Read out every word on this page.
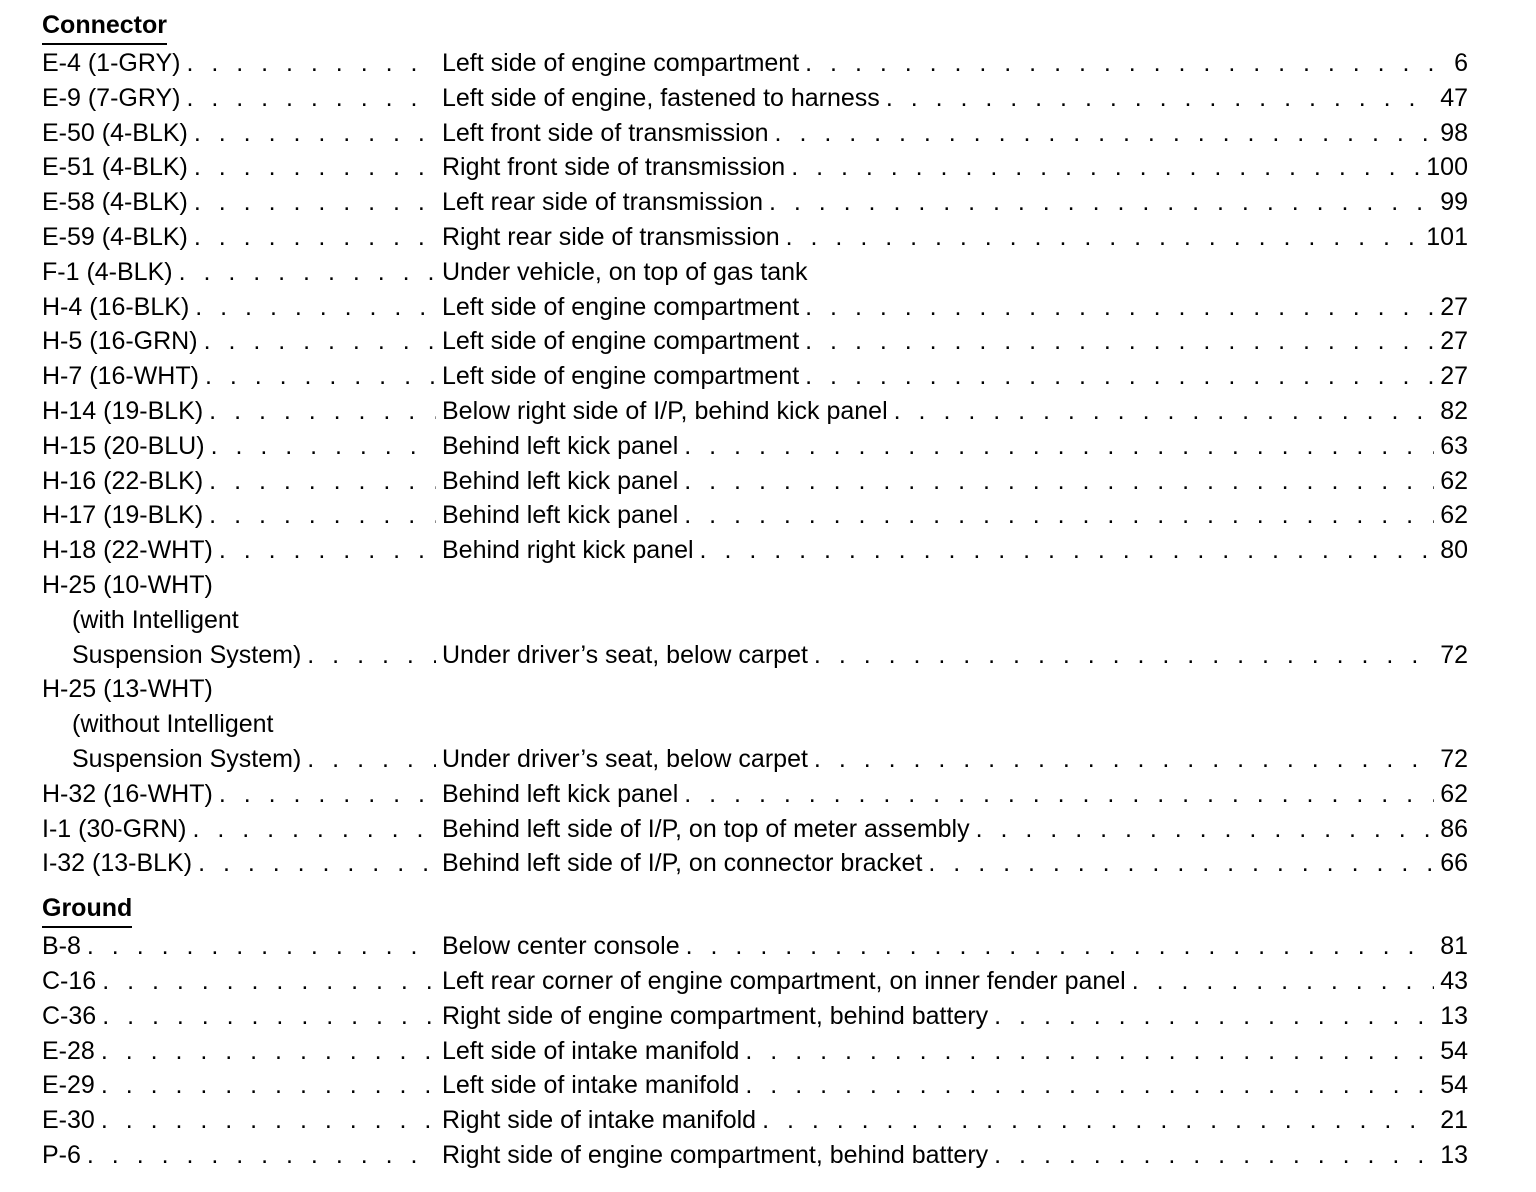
Connector
E-4 (1-GRY) . . .	Left side of engine compartment . . .	6
E-9 (7-GRY) . . .	Left side of engine, fastened to harness . . .	47
E-50 (4-BLK) . . .	Left front side of transmission . . .	98
E-51 (4-BLK) . . .	Right front side of transmission . . .	100
E-58 (4-BLK) . . .	Left rear side of transmission . . .	99
E-59 (4-BLK) . . .	Right rear side of transmission . . .	101
F-1 (4-BLK) . . .	Under vehicle, on top of gas tank
H-4 (16-BLK) . . .	Left side of engine compartment . . .	27
H-5 (16-GRN) . . .	Left side of engine compartment . . .	27
H-7 (16-WHT) . . .	Left side of engine compartment . . .	27
H-14 (19-BLK) . . .	Below right side of I/P, behind kick panel . . .	82
H-15 (20-BLU) . . .	Behind left kick panel . . .	63
H-16 (22-BLK) . . .	Behind left kick panel . . .	62
H-17 (19-BLK) . . .	Behind left kick panel . . .	62
H-18 (22-WHT) . . .	Behind right kick panel . . .	80
H-25 (10-WHT)
(with Intelligent
Suspension System) . . .	Under driver’s seat, below carpet . . .	72
H-25 (13-WHT)
(without Intelligent
Suspension System) . . .	Under driver’s seat, below carpet . . .	72
H-32 (16-WHT) . . .	Behind left kick panel . . .	62
I-1 (30-GRN) . . .	Behind left side of I/P, on top of meter assembly . . .	86
I-32 (13-BLK) . . .	Behind left side of I/P, on connector bracket . . .	66
Ground
B-8 . . .	Below center console . . .	81
C-16 . . .	Left rear corner of engine compartment, on inner fender panel . . .	43
C-36 . . .	Right side of engine compartment, behind battery . . .	13
E-28 . . .	Left side of intake manifold . . .	54
E-29 . . .	Left side of intake manifold . . .	54
E-30 . . .	Right side of intake manifold . . .	21
P-6 . . .	Right side of engine compartment, behind battery . . .	13
